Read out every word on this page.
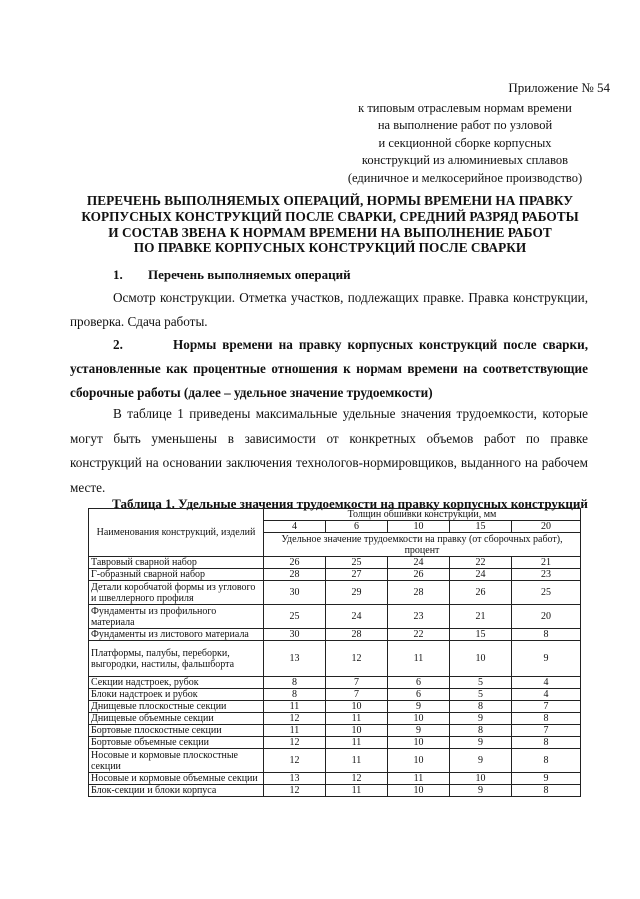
Приложение № 54
к типовым отраслевым нормам времени
на выполнение работ по узловой
и секционной сборке корпусных
конструкций из алюминиевых сплавов
(единичное и мелкосерийное производство)
ПЕРЕЧЕНЬ ВЫПОЛНЯЕМЫХ ОПЕРАЦИЙ, НОРМЫ ВРЕМЕНИ НА ПРАВКУ
КОРПУСНЫХ КОНСТРУКЦИЙ ПОСЛЕ СВАРКИ, СРЕДНИЙ РАЗРЯД РАБОТЫ
И СОСТАВ ЗВЕНА К НОРМАМ ВРЕМЕНИ НА ВЫПОЛНЕНИЕ РАБОТ
ПО ПРАВКЕ КОРПУСНЫХ КОНСТРУКЦИЙ ПОСЛЕ СВАРКИ
1. Перечень выполняемых операций
Осмотр конструкции. Отметка участков, подлежащих правке. Правка конструкции, проверка. Сдача работы.
2.	Нормы времени на правку корпусных конструкций после сварки, установленные как процентные отношения к нормам времени на соответствующие сборочные работы (далее – удельное значение трудоемкости)
В таблице 1 приведены максимальные удельные значения трудоемкости, которые могут быть уменьшены в зависимости от конкретных объемов работ по правке конструкций на основании заключения технологов-нормировщиков, выданного на рабочем месте.
Таблица 1. Удельные значения трудоемкости на правку корпусных конструкций
Наименования конструкций, изделий	Толщин обшивки конструкции, мм				
	4	6	10	15	20
	Удельное значение трудоемкости на правку (от сборочных работ), процент				
Тавровый сварной набор	26	25	24	22	21
Г-образный сварной набор	28	27	26	24	23
Детали коробчатой формы из углового и швеллерного профиля	30	29	28	26	25
Фундаменты из профильного материала	25	24	23	21	20
Фундаменты из листового материала	30	28	22	15	8
Платформы, палубы, переборки, выгородки, настилы, фальшборта	13	12	11	10	9
Секции надстроек, рубок	8	7	6	5	4
Блоки надстроек и рубок	8	7	6	5	4
Днищевые плоскостные секции	11	10	9	8	7
Днищевые объемные секции	12	11	10	9	8
Бортовые плоскостные секции	11	10	9	8	7
Бортовые объемные секции	12	11	10	9	8
Носовые и кормовые плоскостные секции	12	11	10	9	8
Носовые и кормовые объемные секции	13	12	11	10	9
Блок-секции и блоки корпуса	12	11	10	9	8
